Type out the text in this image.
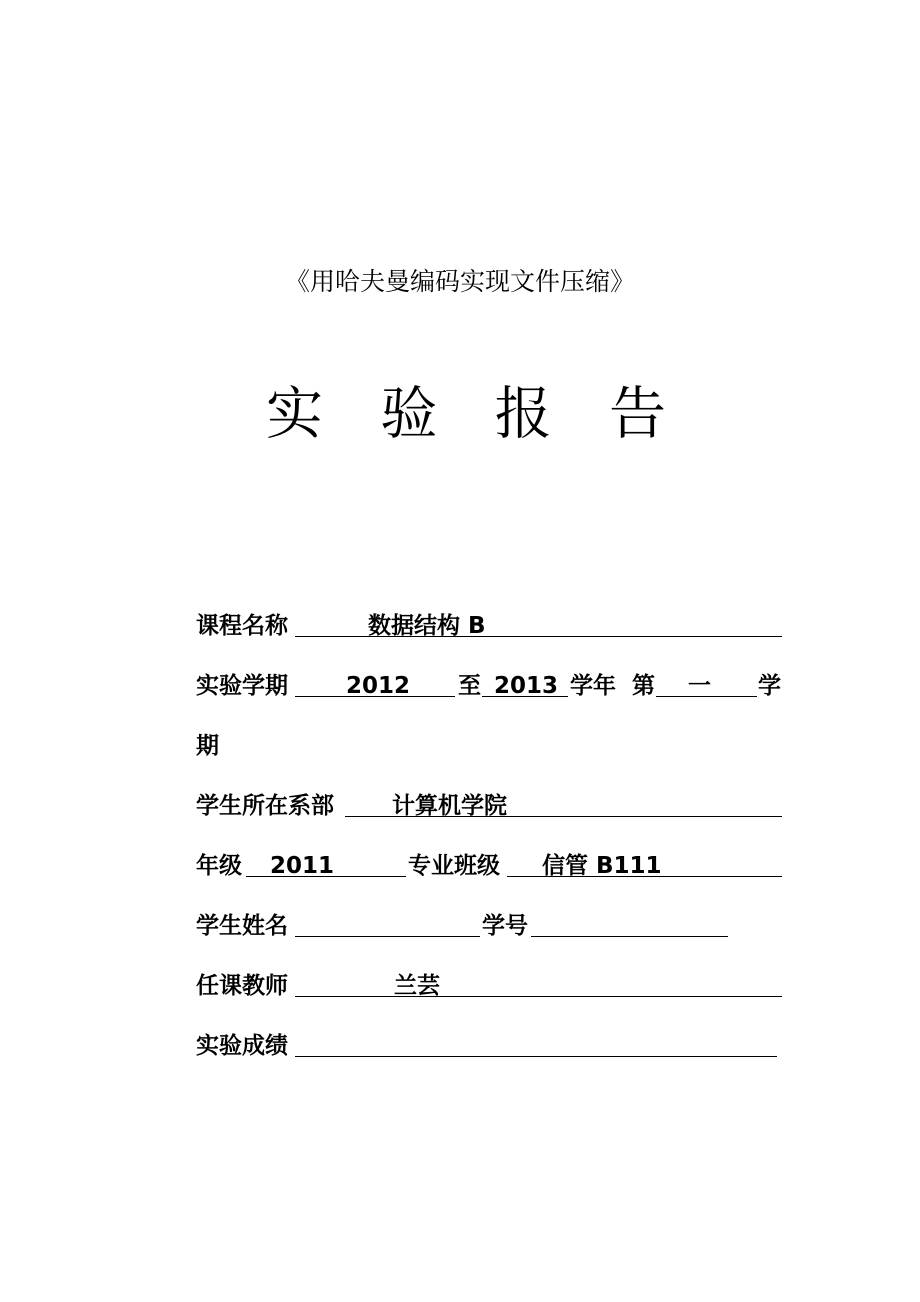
《用哈夫曼编码实现文件压缩》
实 验 报 告
课程名称	数据结构 B
实验学期	2012 至 2013 学年 第 一 学
期
学生所在系部	计算机学院
年级 2011	专业班级 信管 B111
学生姓名	学号
任课教师	兰芸
实验成绩
